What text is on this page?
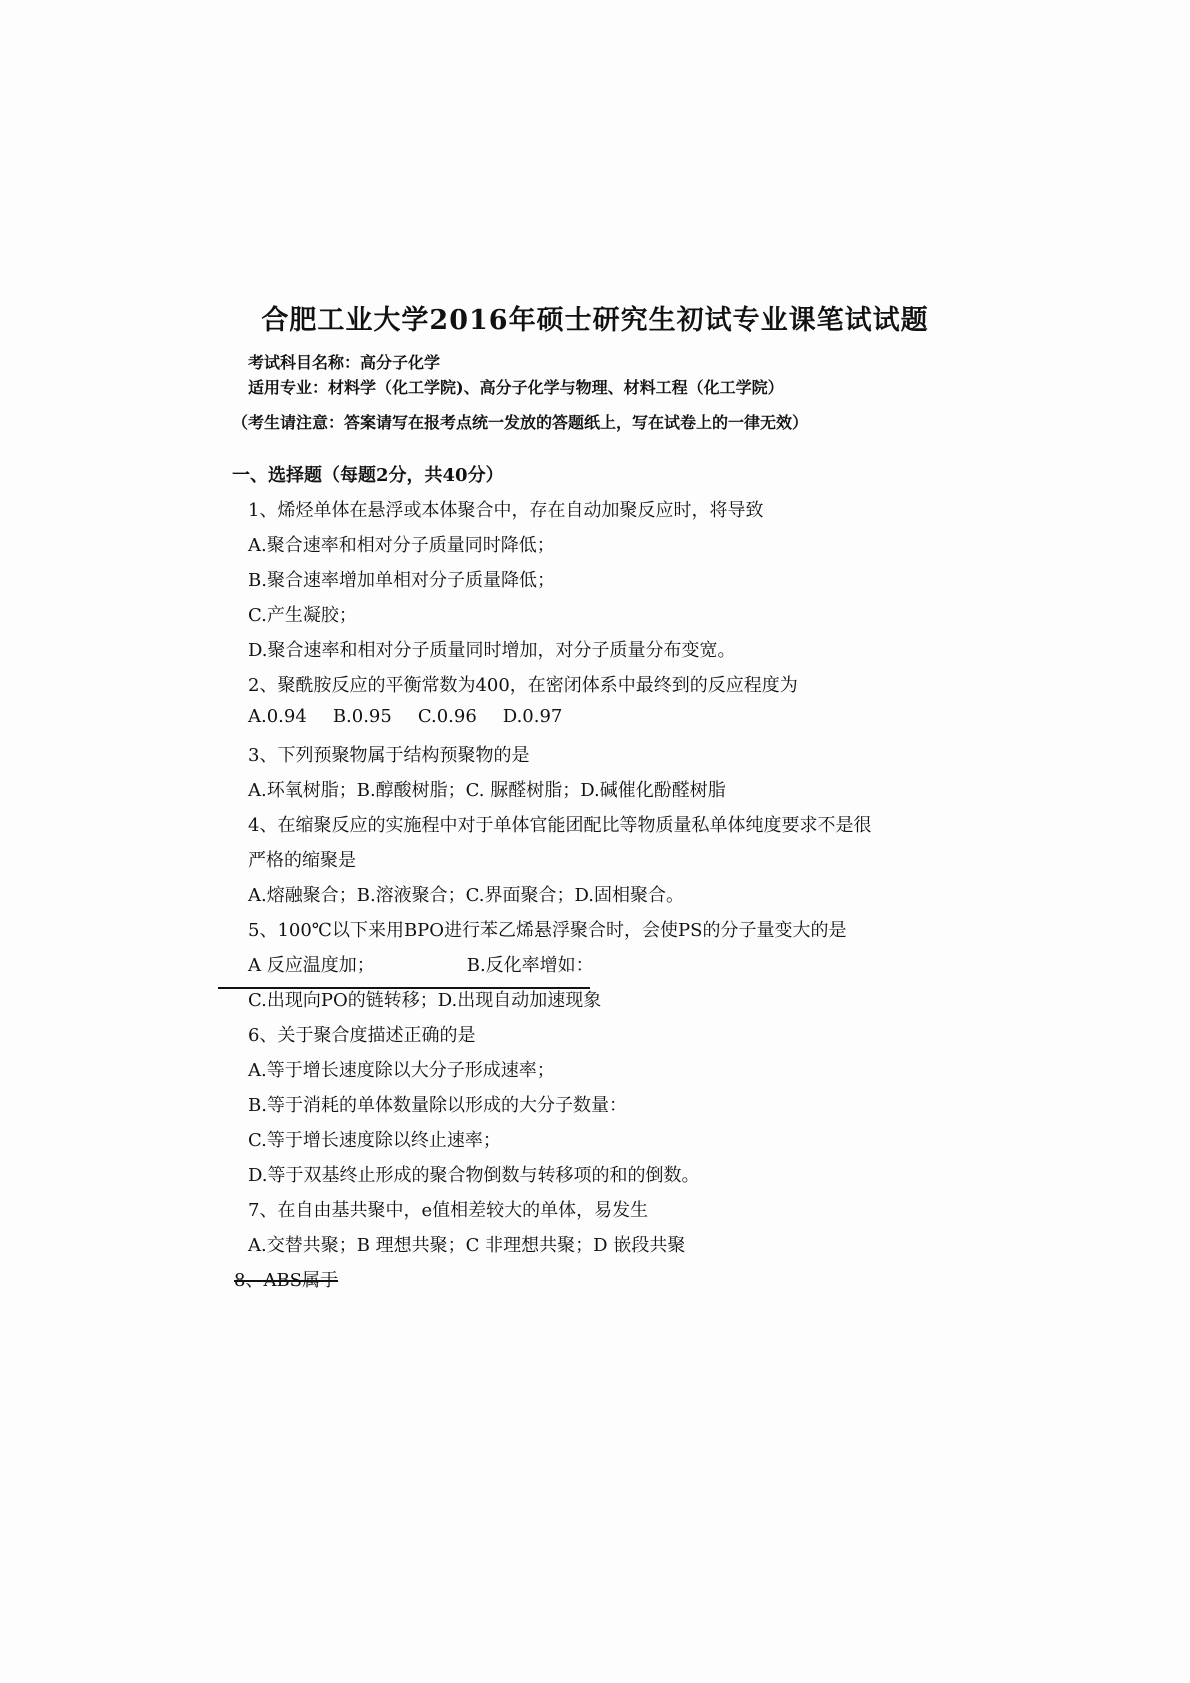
合肥工业大学2016年硕士研究生初试专业课笔试试题
考试科目名称：高分子化学
适用专业：材料学（化工学院)、高分子化学与物理、材料工程（化工学院）
（考生请注意：答案请写在报考点统一发放的答题纸上，写在试卷上的一律无效）
一、选择题（每题2分，共40分）
1、烯烃单体在悬浮或本体聚合中，存在自动加聚反应时，将导致
A.聚合速率和相对分子质量同时降低；
B.聚合速率增加单相对分子质量降低；
C.产生凝胶；
D.聚合速率和相对分子质量同时增加，对分子质量分布变宽。
2、聚酰胺反应的平衡常数为400，在密闭体系中最终到的反应程度为
A.0.94 B.0.95 C.0.96 D.0.97
3、下列预聚物属于结构预聚物的是
A.环氧树脂；B.醇酸树脂；C. 脲醛树脂；D.碱催化酚醛树脂
4、在缩聚反应的实施程中对于单体官能团配比等物质量私单体纯度要求不是很
严格的缩聚是
A.熔融聚合；B.溶液聚合；C.界面聚合；D.固相聚合。
5、100℃以下来用BPO进行苯乙烯悬浮聚合时，会使PS的分子量变大的是
A 反应温度加；	B.反化率增如：
C.出现向PO的链转移；D.出现自动加速现象
6、关于聚合度描述正确的是
A.等于增长速度除以大分子形成速率；
B.等于消耗的单体数量除以形成的大分子数量：
C.等于增长速度除以终止速率；
D.等于双基终止形成的聚合物倒数与转移项的和的倒数。
7、在自由基共聚中，e值相差较大的单体，易发生
A.交替共聚；B 理想共聚；C 非理想共聚；D 嵌段共聚
8、ABS属于
